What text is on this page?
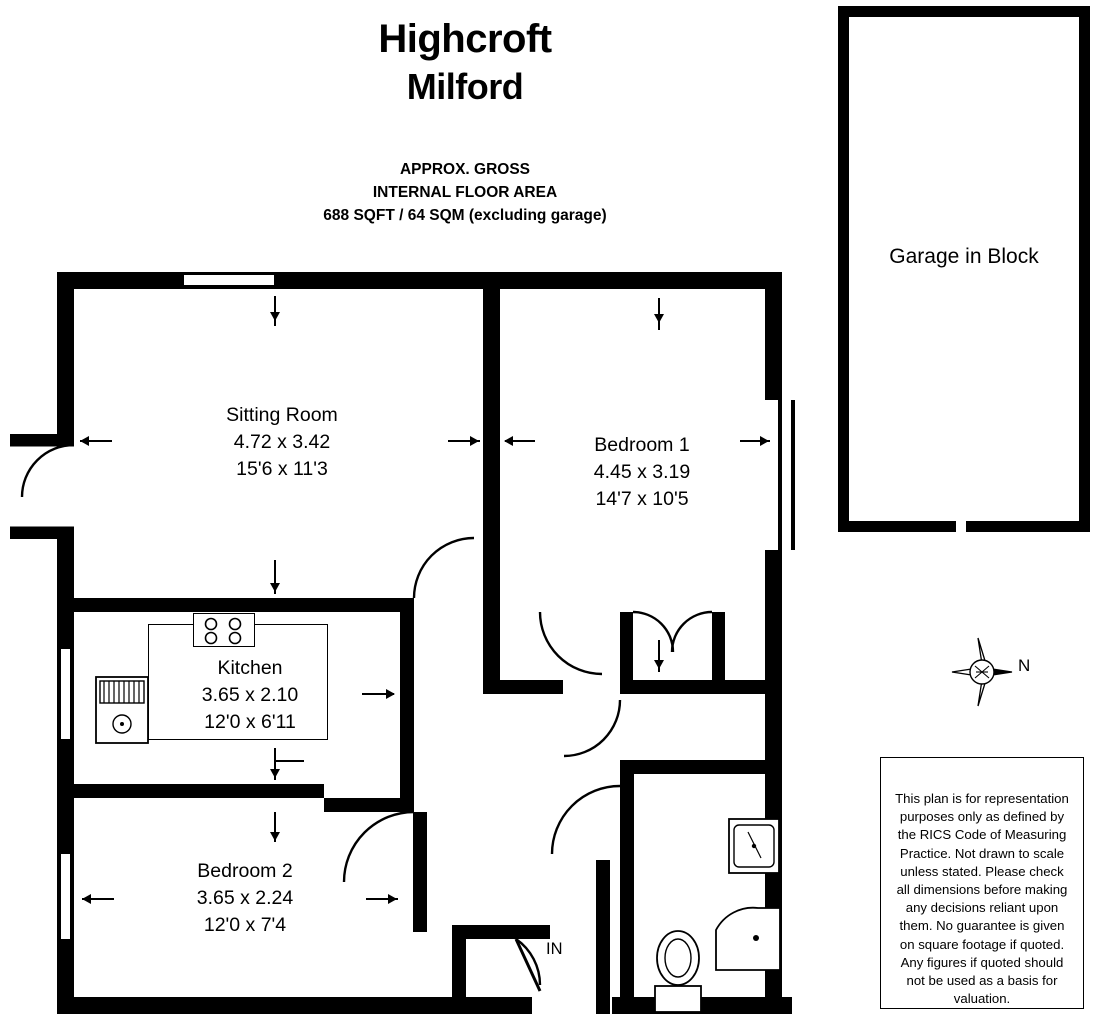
Highcroft
Milford
APPROX. GROSS
INTERNAL FLOOR AREA
688 SQFT / 64 SQM (excluding garage)
Sitting Room
4.72 x 3.42
15'6 x 11'3
Bedroom 1
4.45 x 3.19
14'7 x 10'5
Kitchen
3.65 x 2.10
12'0 x 6'11
Bedroom 2
3.65 x 2.24
12'0 x 7'4
IN
Garage in Block
N
This plan is for representation purposes only as defined by the RICS Code of Measuring Practice. Not drawn to scale unless stated. Please check all dimensions before making any decisions reliant upon them. No guarantee is given on square footage if quoted. Any figures if quoted should not be used as a basis for valuation.
